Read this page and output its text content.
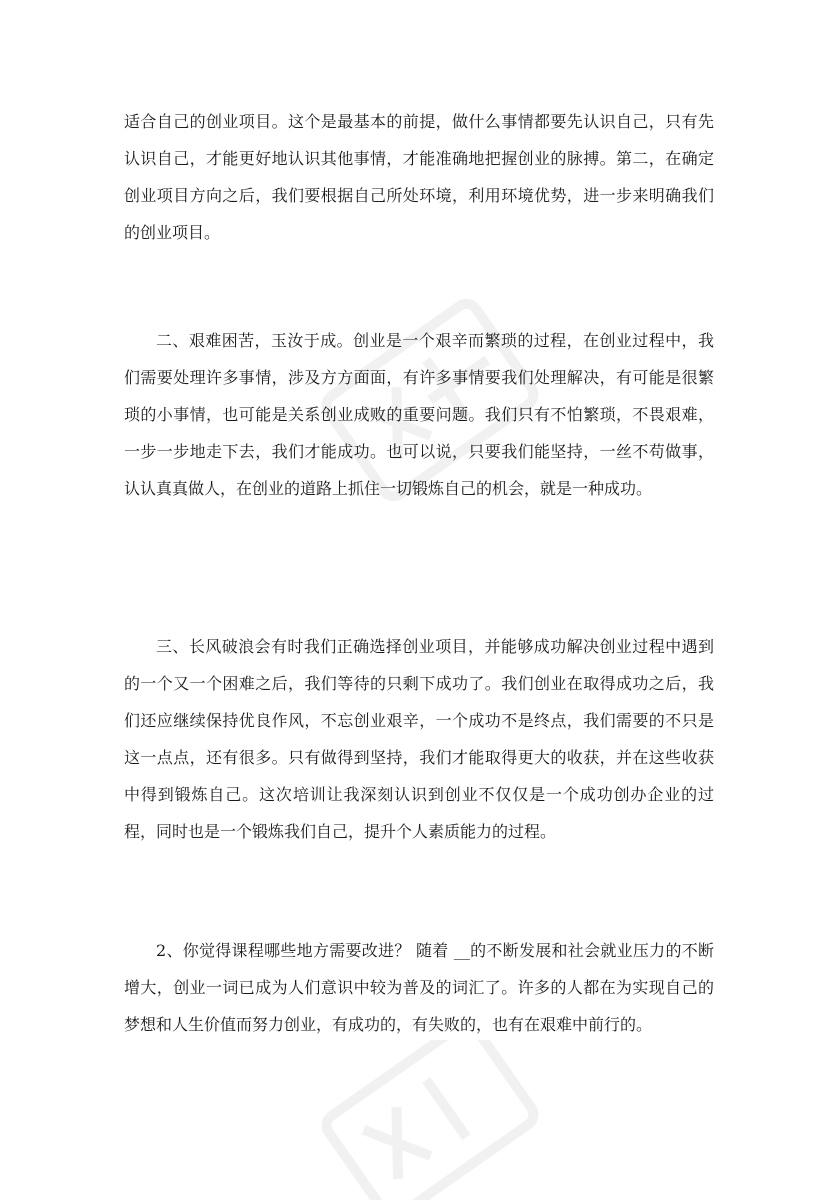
适合自己的创业项目。这个是最基本的前提，做什么事情都要先认识自己，只有先认识自己，才能更好地认识其他事情，才能准确地把握创业的脉搏。第二，在确定创业项目方向之后，我们要根据自己所处环境，利用环境优势，进一步来明确我们的创业项目。

二、艰难困苦，玉汝于成。创业是一个艰辛而繁琐的过程，在创业过程中，我们需要处理许多事情，涉及方方面面，有许多事情要我们处理解决，有可能是很繁琐的小事情，也可能是关系创业成败的重要问题。我们只有不怕繁琐，不畏艰难，一步一步地走下去，我们才能成功。也可以说，只要我们能坚持，一丝不苟做事，认认真真做人，在创业的道路上抓住一切锻炼自己的机会，就是一种成功。

三、长风破浪会有时我们正确选择创业项目，并能够成功解决创业过程中遇到的一个又一个困难之后，我们等待的只剩下成功了。我们创业在取得成功之后，我们还应继续保持优良作风，不忘创业艰辛，一个成功不是终点，我们需要的不只是这一点点，还有很多。只有做得到坚持，我们才能取得更大的收获，并在这些收获中得到锻炼自己。这次培训让我深刻认识到创业不仅仅是一个成功创办企业的过程，同时也是一个锻炼我们自己，提升个人素质能力的过程。

2、你觉得课程哪些地方需要改进？ 随着 __的不断发展和社会就业压力的不断增大，创业一词已成为人们意识中较为普及的词汇了。许多的人都在为实现自己的梦想和人生价值而努力创业，有成功的，有失败的，也有在艰难中前行的。
